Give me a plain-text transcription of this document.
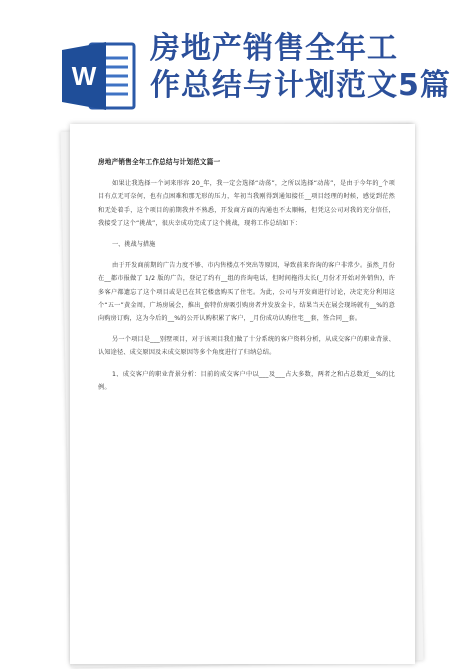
W
房地产销售全年工
作总结与计划范文5篇
房地产销售全年工作总结与计划范文篇一
如果让我选择一个词来形容 20_年，我一定会选择“动荡”，之所以选择“动荡”，是由于今年的_个项目有点无可奈何，也有点困难和那无形的压力，年初当我刚得到通知接任__项目经理的时候，感觉到茫然和无处着手，这个项目的前期我并不熟悉，开发商方面的沟通也不太顺畅，但凭这公司对我的充分信任，我接受了这个“挑战”，很庆幸成功完成了这个挑战，现将工作总结如下：
一、挑战与措施
由于开发商前期的广告力度不够、市内售楼点不突出等原因，导致前来咨询的客户非常少。虽然_月份在__都市报做了 1/2 版的广告，登记了约有__组的咨询电话，但时间拖得太长(_月份才开始对外销售)，许多客户都遗忘了这个项目或是已在其它楼盘购买了住宅。为此，公司与开发商进行讨论，决定充分利用这个“五一”黄金周，广场房展会，推出_套特价房吸引购房者并发放金卡，结果当天在展会现场就有__%的意向购房订购，这为今后的__%的公开认购积累了客户，_月份成功认购住宅__套，签合同__套。
另一个项目是___别墅项目，对于该项目我们做了十分系统的客户资料分析，从成交客户的职业背景、认知途径、成交原因及未成交原因等多个角度进行了归纳总结。
1、成交客户的职业背景分析：目前的成交客户中以___及___占大多数，两者之和占总数近__%的比例。
